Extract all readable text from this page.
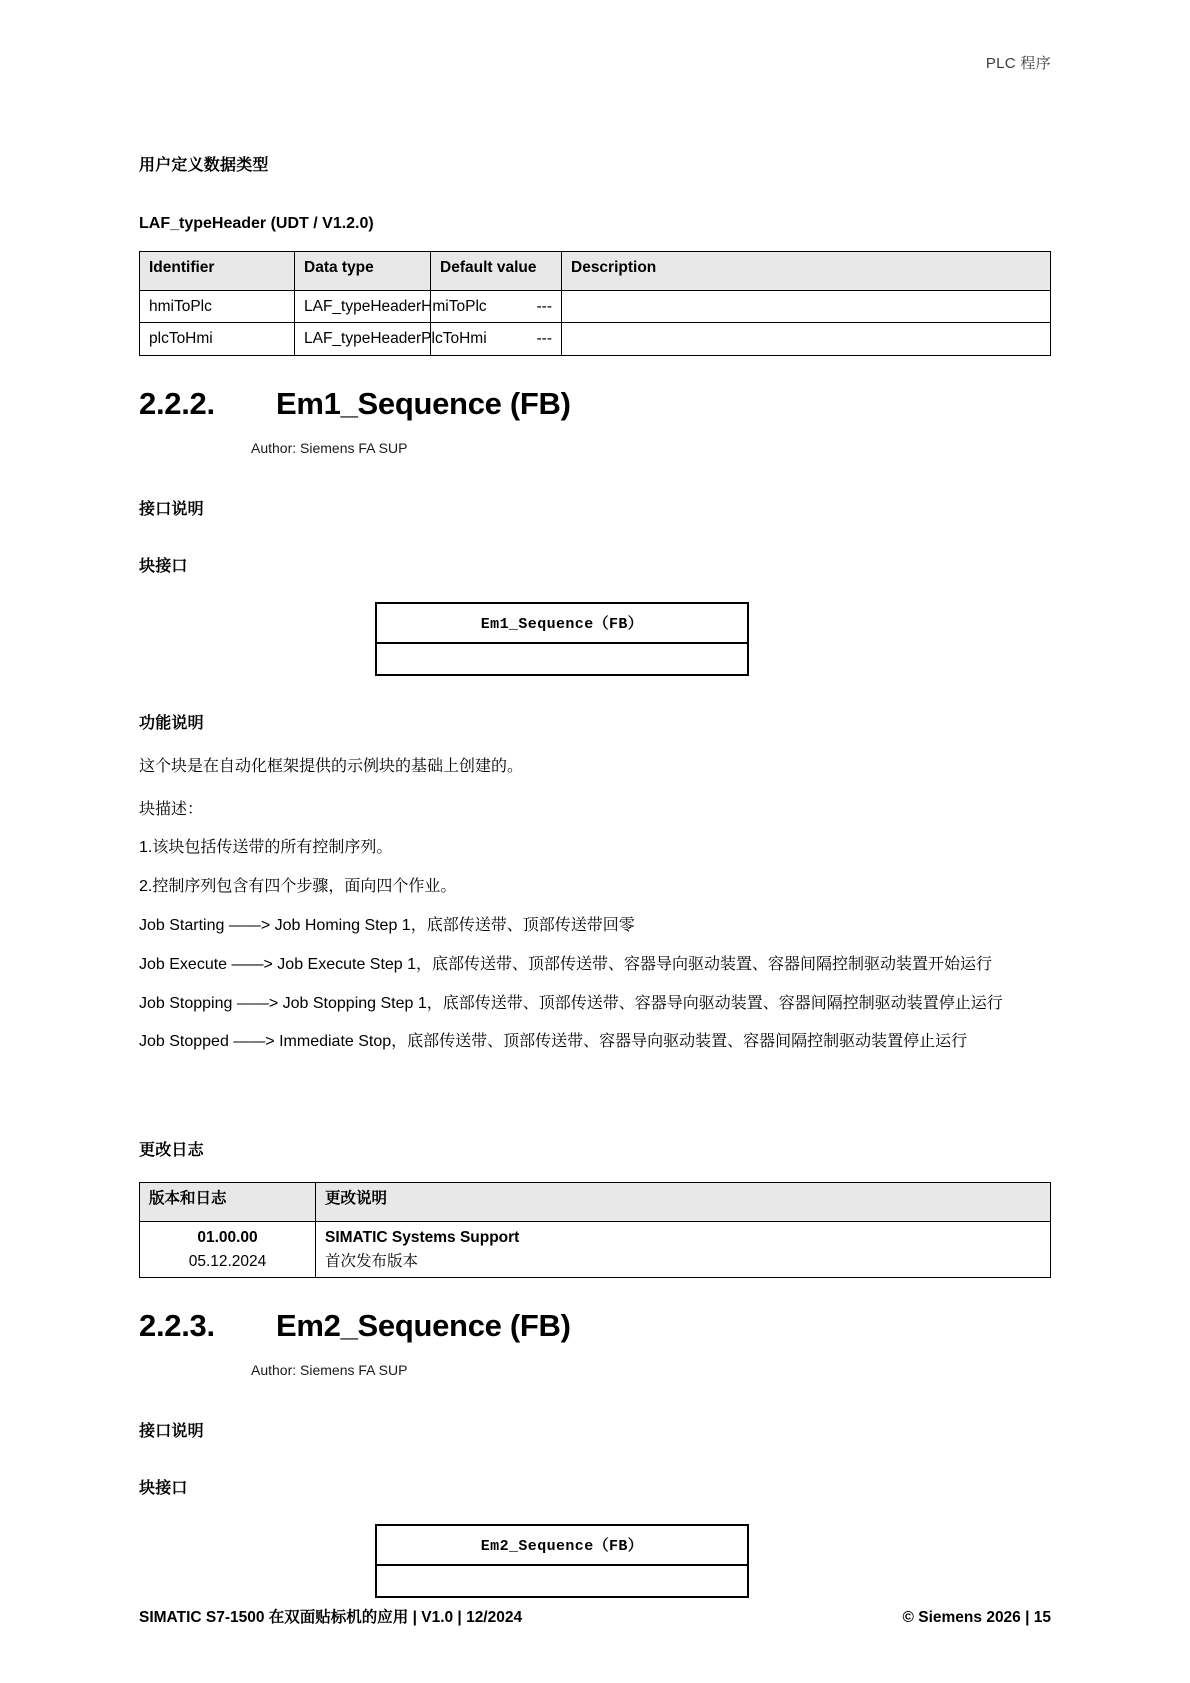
PLC 程序
用户定义数据类型
LAF_typeHeader (UDT / V1.2.0)
Identifier	Data type	Default value	Description
hmiToPlc	LAF_typeHeaderHmiToPlc	---	
plcToHmi	LAF_typeHeaderPlcToHmi	---	
2.2.2.	Em1_Sequence (FB)
Author: Siemens FA SUP
接口说明
块接口
Em1_Sequence（FB）
功能说明

这个块是在自动化框架提供的示例块的基础上创建的。

块描述：

1.该块包括传送带的所有控制序列。

2.控制序列包含有四个步骤，面向四个作业。

Job Starting ——> Job Homing Step 1，底部传送带、顶部传送带回零

Job Execute ——> Job Execute Step 1，底部传送带、顶部传送带、容器导向驱动装置、容器间隔控制驱动装置开始运行

Job Stopping ——> Job Stopping Step 1，底部传送带、顶部传送带、容器导向驱动装置、容器间隔控制驱动装置停止运行

Job Stopped ——> Immediate Stop，底部传送带、顶部传送带、容器导向驱动装置、容器间隔控制驱动装置停止运行

更改日志
版本和日志	更改说明

01.00.00
05.12.2024	SIMATIC Systems Support
首次发布版本
2.2.3.	Em2_Sequence (FB)
Author: Siemens FA SUP
接口说明
块接口
Em2_Sequence（FB）
SIMATIC S7-1500 在双面贴标机的应用 | V1.0 | 12/2024	© Siemens 2026 | 15
